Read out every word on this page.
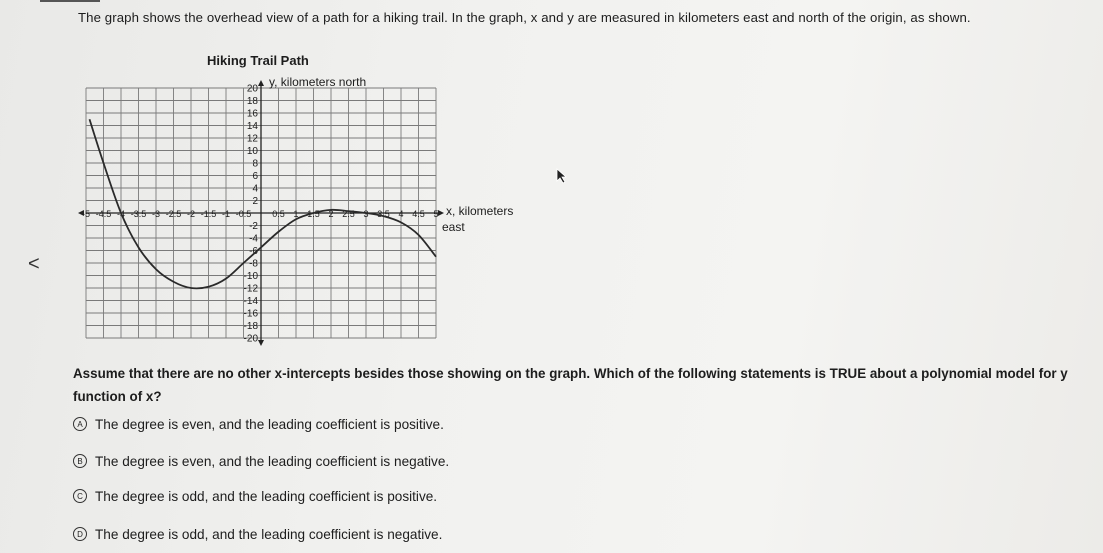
The graph shows the overhead view of a path for a hiking trail. In the graph, x and y are measured in kilometers east and north of the origin, as shown.
Hiking Trail Path
-5 -4.5 -4 -3.5 -3 -2.5 -2 -1.5 -1 -0.5 0.5 1 1.5 2 2.5 3 3.5 4 4.5 5
20
18
16
14
12
10
8
6
4
2
-2
-4
-6
-8
-10
-12
-14
-16
-18
-20
y, kilometers north
x, kilometers
east
<
Assume that there are no other x-intercepts besides those showing on the graph. Which of the following statements is TRUE about a polynomial model for y function of x?
A The degree is even, and the leading coefficient is positive.
B The degree is even, and the leading coefficient is negative.
C The degree is odd, and the leading coefficient is positive.
D The degree is odd, and the leading coefficient is negative.
